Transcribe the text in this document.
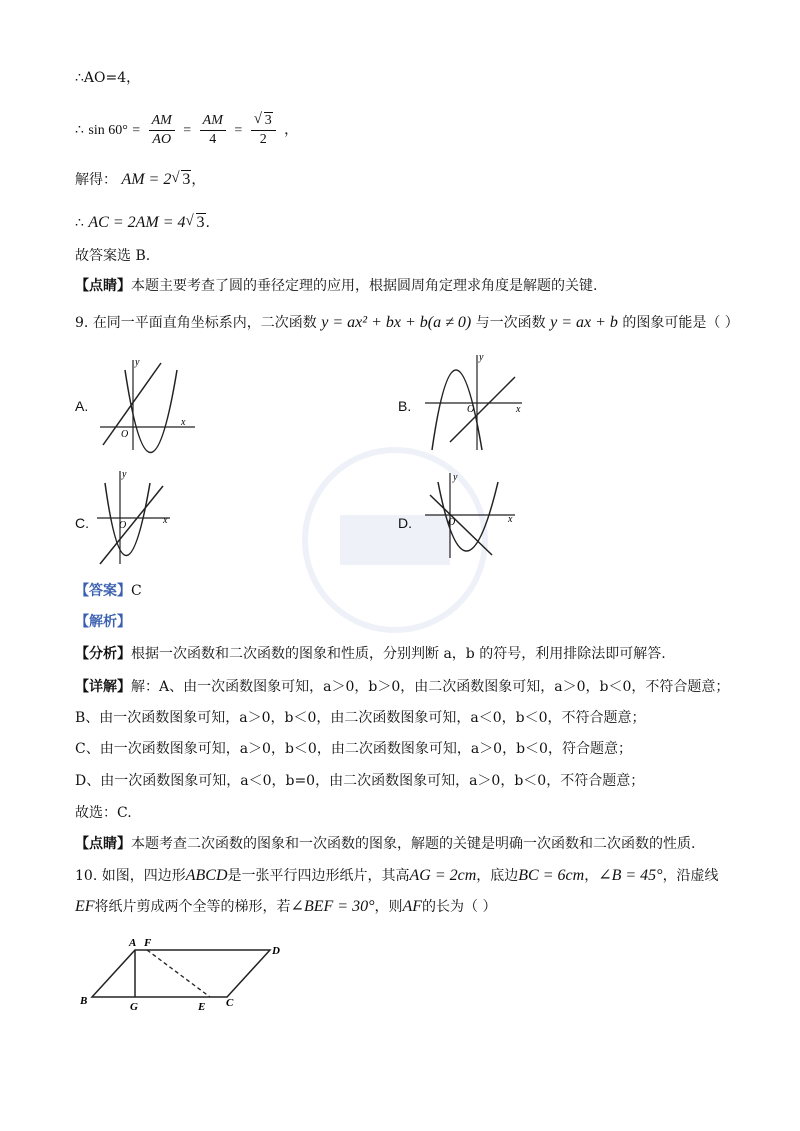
∴AO=4，
∴ $\sin 60^\circ = \frac{AM}{AO} = \frac{AM}{4}$ = √ $\frac{3}{2}$ ，
解得： AM = 2 √ 3，
∴ AC = 2AM = 4 √ 3.
故答案选 B.
【点睛】本题主要考查了圆的垂径定理的应用，根据圆周角定理求角度是解题的关键.
9. 在同一平面直角坐标系内，二次函数 y = ax² + bx + b(a ≠ 0) 与一次函数 y = ax + b 的图象可能是（ ）
A.
y
x
O
B.
y
x
O
C.
y
x
O	D.
y
x
O
【答案】C
【解析】
【分析】根据一次函数和二次函数的图象和性质，分别判断 a，b 的符号，利用排除法即可解答.
【详解】解：A、由一次函数图象可知，a＞0，b＞0，由二次函数图象可知，a＞0，b＜0，不符合题意；
B、由一次函数图象可知，a＞0，b＜0，由二次函数图象可知，a＜0，b＜0，不符合题意；
C、由一次函数图象可知，a＞0，b＜0，由二次函数图象可知，a＞0，b＜0，符合题意；
D、由一次函数图象可知，a＜0，b=0，由二次函数图象可知，a＞0，b＜0，不符合题意；
故选：C.
【点睛】本题考查二次函数的图象和一次函数的图象，解题的关键是明确一次函数和二次函数的性质.
10. 如图，四边形ABCD是一张平行四边形纸片，其高AG = 2cm，底边BC = 6cm，∠B = 45°，沿虚线
EF将纸片剪成两个全等的梯形，若∠BEF = 30°，则AF的长为（ ）
A F
D
B	G	E C
